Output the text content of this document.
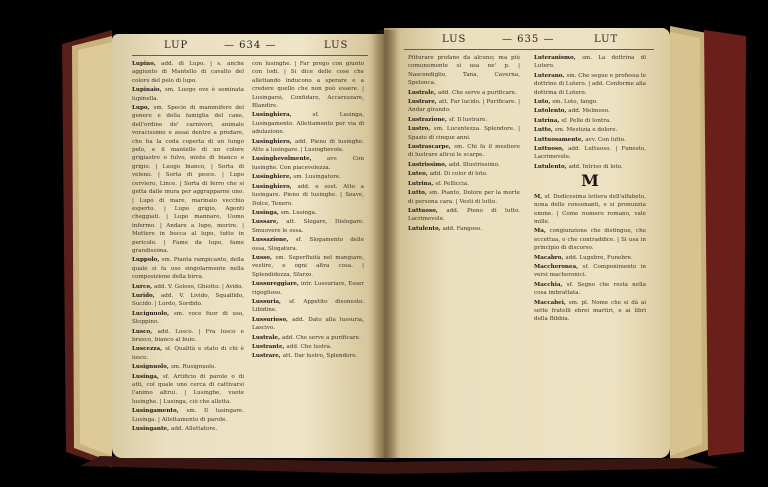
LUP	— 634 —	LUS
Lupino, add. di Lupo. | s. anche aggiunto di Mantello di cavallo del colore del pelo di lupo.
Lupinaio, sm. Luogo ove è seminata lupinella.
Lupo, sm. Specie di mammifero del genere e della famiglia del cane, dell'ordine de' carnivori, animale voracissimo e assai dentro a predare, che ha la coda coperta di un lungo pelo, e il mantello di un colore grigiastro o fulvo, misto di bianco e grigio. | Luogo bianco, | Sorta di veleno. | Sorta di pesce. | Lupo cerviero, Lince. | Sorta di ferro che si getta dalle mura per aggrapparne uno. | Lupo di mare, marinaio vecchio esperto. | Lupo grigio, Agenti cheggiati. | Lupo mannaro, Uomo infermo. | Andare a lupo, morire. | Mettere in bocca al lupo, tutto in pericolo. | Fame da lupo, fame grandissima.
Luppolo, sm. Pianta rampicante, della quale si fa uso singolarmente nella composizione della birra.
Lurco, add. V. Goloso, Ghiotto. | Avido.
Lurido, add. V. Livido, Squallido, Sucido. | Lordo, Sordido.
Lucignuolo, sm. voce fuor di uso, Stoppino.
Lusco, add. Losco. | Fra lusco e brusco, bianco al buio.
Luscezza, sf. Qualità e stato di chi è losco.
Lusignuolo, sm. Rusignuolo.
Lusinga, sf. Artificio di parole o di atti, col quale uno cerca di cattivarsi l'animo altrui. | Lusinghe, vuote lusinghe. | Lusinga, ciò che alletta.
Lusingamento, sm. Il lusingare. Lusinga. | Allettamento di parole.
Lusingante, add. Allettatore.
con lusinghe. | Far prego con giunto con lodi. | Si dice delle cose che allettando inducono a sperare e a credere quello che non può essere. | Lusingarsi, Confidare, Accarezzare, Blandire.
Lusinghiera, sf. Lusinga, Lusingamento. Allettamento per via di adulazione.
Lusinghiero, add. Pieno di lusinghe. Atto a lusingare. | Lusinghevole.
Lusinghevolmente, avv. Con lusinghe. Con piacevolezza.
Lusinghiere, sm. Lusingatore.
Lusinghiero, add. e sost. Atto a lusingare. Pieno di lusinghe. | Soave, Dolce, Tenero.
Lusinga, sm. Lusinga.
Lussare, att. Slogare, Dislogare. Smuovere le ossa.
Lussazione, sf. Slogamento delle ossa, Slogatura.
Lusso, sm. Superfluità nel mangiare, vestire, e ogni altra cosa. | Splendidezza, Sfarzo.
Lussureggiare, intr. Lussuriare, Esser rigoglioso.
Lussuria, sf. Appetito disonesto. Libidine.
Lussurioso, add. Dato alla lussuria, Lascivo.
Lustrale, add. Che serve a purificare.
Lustrante, add. Che lustra.
Lustrare, att. Dar lustro, Splendore.
LUS	— 635 —	LUT
Pitturare profano da alcuno; ma più comunemente sì usa ne' p. | Nascondiglio, Tana, Caverna, Spelonca.
Lustrale, add. Che serve a purificare.
Lustrare, att. Far lucido. | Purificare. | Andar girando.
Lustrazione, sf. Il lustrare.
Lustro, sm. Lucentezza. Splendore. | Spazio di cinque anni.
Lustrascarpe, sm. Chi fa il mestiere di lustrare altrui le scarpe.
Lustrissimo, add. Illustrissimo.
Luteo, add. Di color di loto.
Lutrina, sf. Pelliccia.
Lutto, sm. Pianto, Dolore per la morte di persona cara. | Vesti di lutto.
Luttuoso, add. Pieno di lutto. Lacrimevole.
Lutulento, add. Fangoso.
Luteranismo, sm. La dottrina di Lutero.
Luterano, sm. Che segue e professa le dottrine di Lutero. | add. Conforme alla dottrina di Lutero.
Luto, sm. Loto, fango.
Lutolento, add. Melmoso.
Lutrina, sf. Pelle di lontra.
Lutto, sm. Mestizia e dolore.
Luttuosamente, avv. Con lutto.
Luttuoso, add. Luttuoso. | Funesto, Lacrimevole.
Lutulento, add. Intriso di loto.
M
M, sf. Dodicesima lettera dell'alfabeto, nona delle consonanti, e si pronunzia emme. | Come numero romano, vale mille.
Ma, congiunzione che distingue, che eccettua, o che contraddice. | Si usa in principio di discorso.
Macabro, add. Lugubre, Funebre.
Maccheronea, sf. Componimento in versi macheronici.
Macchia, sf. Segno che resta nella cosa imbrattata.
Maccabei, sm. pl. Nome che si dà ai sette fratelli ebrei martiri, e ai libri della Bibbia.
